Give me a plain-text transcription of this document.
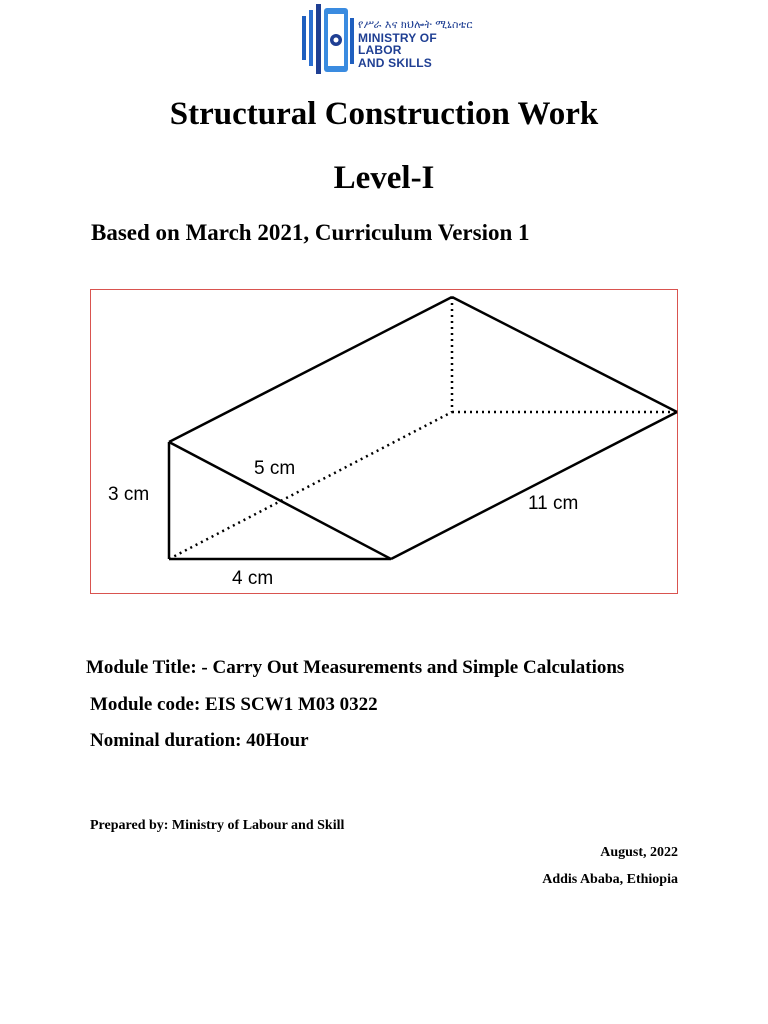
የሥራ እና ክህሎት ሚኒስቴር
MINISTRY OF LABOR
AND SKILLS
Structural Construction Work
Level-I
Based on March 2021, Curriculum Version 1
3 cm
5 cm
4 cm
11 cm
Module Title: - Carry Out Measurements and Simple Calculations
Module code: EIS SCW1 M03 0322
Nominal duration: 40Hour
Prepared by: Ministry of Labour and Skill
August, 2022
Addis Ababa, Ethiopia
